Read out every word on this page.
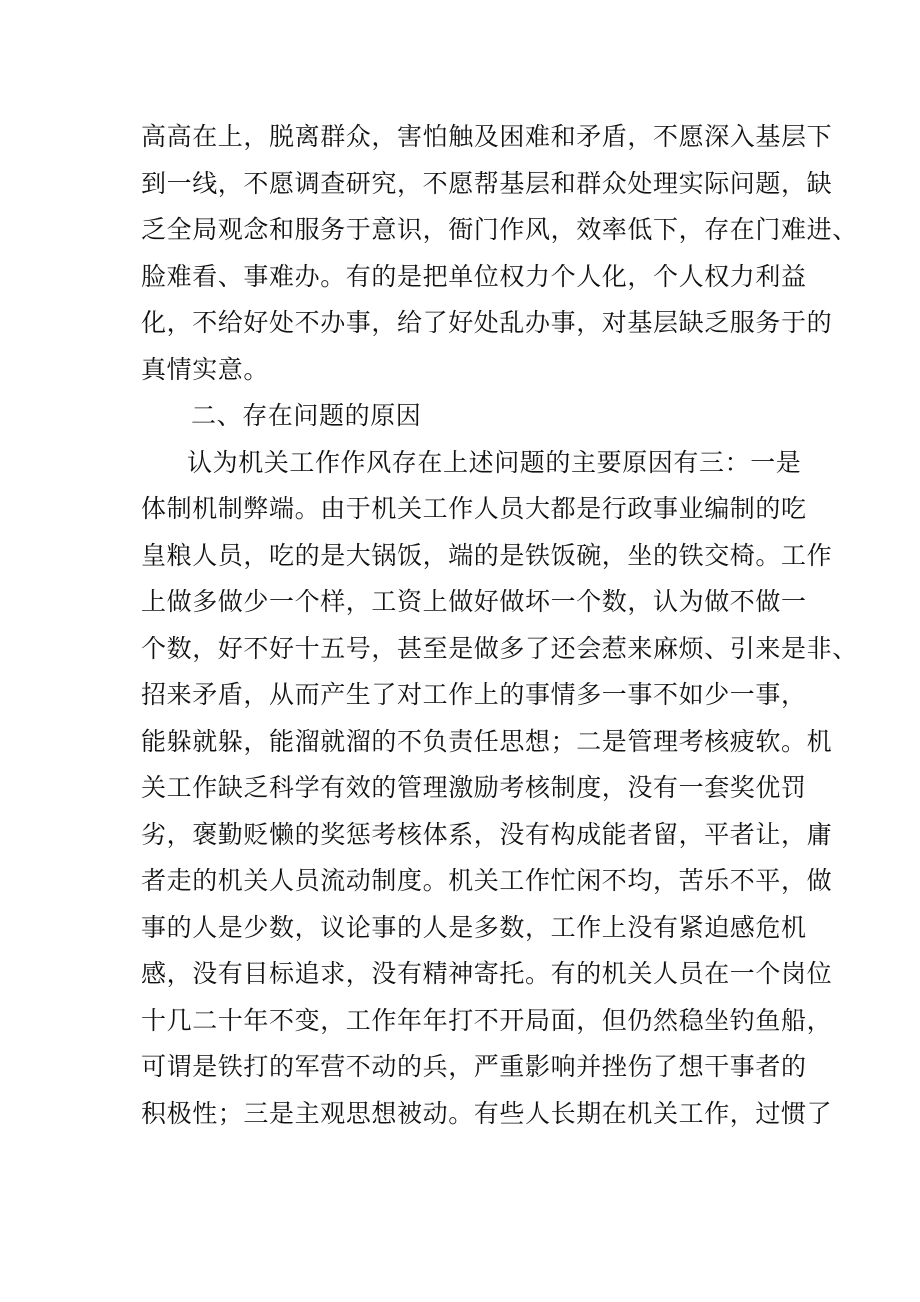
高高在上，脱离群众，害怕触及困难和矛盾，不愿深入基层下
到一线，不愿调查研究，不愿帮基层和群众处理实际问题，缺
乏全局观念和服务于意识，衙门作风，效率低下，存在门难进、
脸难看、事难办。有的是把单位权力个人化，个人权力利益
化，不给好处不办事，给了好处乱办事，对基层缺乏服务于的
真情实意。
二、存在问题的原因
认为机关工作作风存在上述问题的主要原因有三：一是
体制机制弊端。由于机关工作人员大都是行政事业编制的吃
皇粮人员，吃的是大锅饭，端的是铁饭碗，坐的铁交椅。工作
上做多做少一个样，工资上做好做坏一个数，认为做不做一
个数，好不好十五号，甚至是做多了还会惹来麻烦、引来是非、
招来矛盾，从而产生了对工作上的事情多一事不如少一事，
能躲就躲，能溜就溜的不负责任思想；二是管理考核疲软。机
关工作缺乏科学有效的管理激励考核制度，没有一套奖优罚
劣，褒勤贬懒的奖惩考核体系，没有构成能者留，平者让，庸
者走的机关人员流动制度。机关工作忙闲不均，苦乐不平，做
事的人是少数，议论事的人是多数，工作上没有紧迫感危机
感，没有目标追求，没有精神寄托。有的机关人员在一个岗位
十几二十年不变，工作年年打不开局面，但仍然稳坐钓鱼船，
可谓是铁打的军营不动的兵，严重影响并挫伤了想干事者的
积极性；三是主观思想被动。有些人长期在机关工作，过惯了
